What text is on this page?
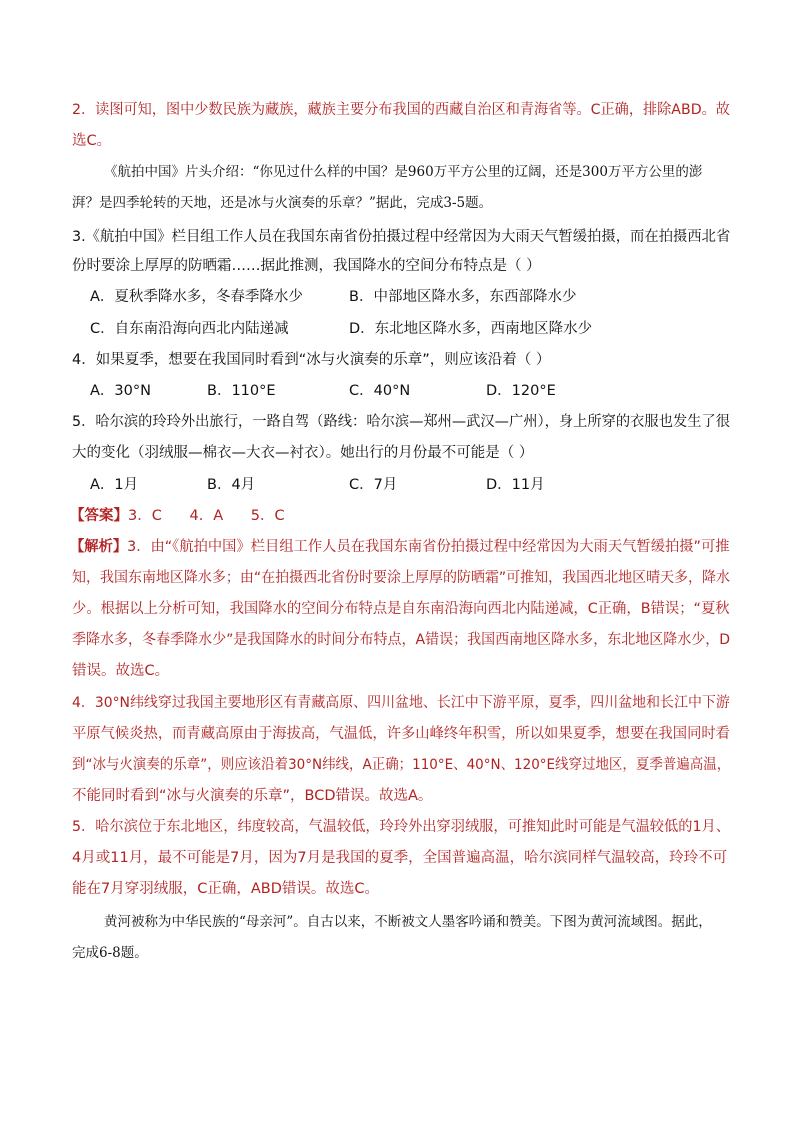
2．读图可知，图中少数民族为藏族，藏族主要分布我国的西藏自治区和青海省等。C正确，排除ABD。故
选C。
《航拍中国》片头介绍：“你见过什么样的中国？是960万平方公里的辽阔，还是300万平方公里的澎
湃？是四季轮转的天地，还是冰与火演奏的乐章？”据此，完成3-5题。
3.《航拍中国》栏目组工作人员在我国东南省份拍摄过程中经常因为大雨天气暂缓拍摄，而在拍摄西北省
份时要涂上厚厚的防晒霜……据此推测，我国降水的空间分布特点是（ ）
A．夏秋季降水多，冬春季降水少	B．中部地区降水多，东西部降水少
C．自东南沿海向西北内陆递减	D．东北地区降水多，西南地区降水少
4．如果夏季，想要在我国同时看到“冰与火演奏的乐章”，则应该沿着（ ）
A．30°N	B．110°E	C．40°N	D．120°E
5．哈尔滨的玲玲外出旅行，一路自驾（路线：哈尔滨—郑州—武汉—广州），身上所穿的衣服也发生了很
大的变化（羽绒服—棉衣—大衣—衬衣）。她出行的月份最不可能是（ ）
A．1月	B．4月	C．7月	D．11月
【答案】3．C      4．A      5．C
【解析】3．由“《航拍中国》栏目组工作人员在我国东南省份拍摄过程中经常因为大雨天气暂缓拍摄”可推
知，我国东南地区降水多；由“在拍摄西北省份时要涂上厚厚的防晒霜”可推知，我国西北地区晴天多，降水
少。根据以上分析可知，我国降水的空间分布特点是自东南沿海向西北内陆递减，C正确，B错误；“夏秋
季降水多，冬春季降水少”是我国降水的时间分布特点，A错误；我国西南地区降水多，东北地区降水少，D
错误。故选C。
4．30°N纬线穿过我国主要地形区有青藏高原、四川盆地、长江中下游平原，夏季，四川盆地和长江中下游
平原气候炎热，而青藏高原由于海拔高，气温低，许多山峰终年积雪，所以如果夏季，想要在我国同时看
到“冰与火演奏的乐章”，则应该沿着30°N纬线，A正确；110°E、40°N、120°E线穿过地区，夏季普遍高温，
不能同时看到“冰与火演奏的乐章”，BCD错误。故选A。
5．哈尔滨位于东北地区，纬度较高，气温较低，玲玲外出穿羽绒服，可推知此时可能是气温较低的1月、
4月或11月，最不可能是7月，因为7月是我国的夏季，全国普遍高温，哈尔滨同样气温较高，玲玲不可
能在7月穿羽绒服，C正确，ABD错误。故选C。
黄河被称为中华民族的“母亲河”。自古以来，不断被文人墨客吟诵和赞美。下图为黄河流域图。据此，
完成6-8题。
